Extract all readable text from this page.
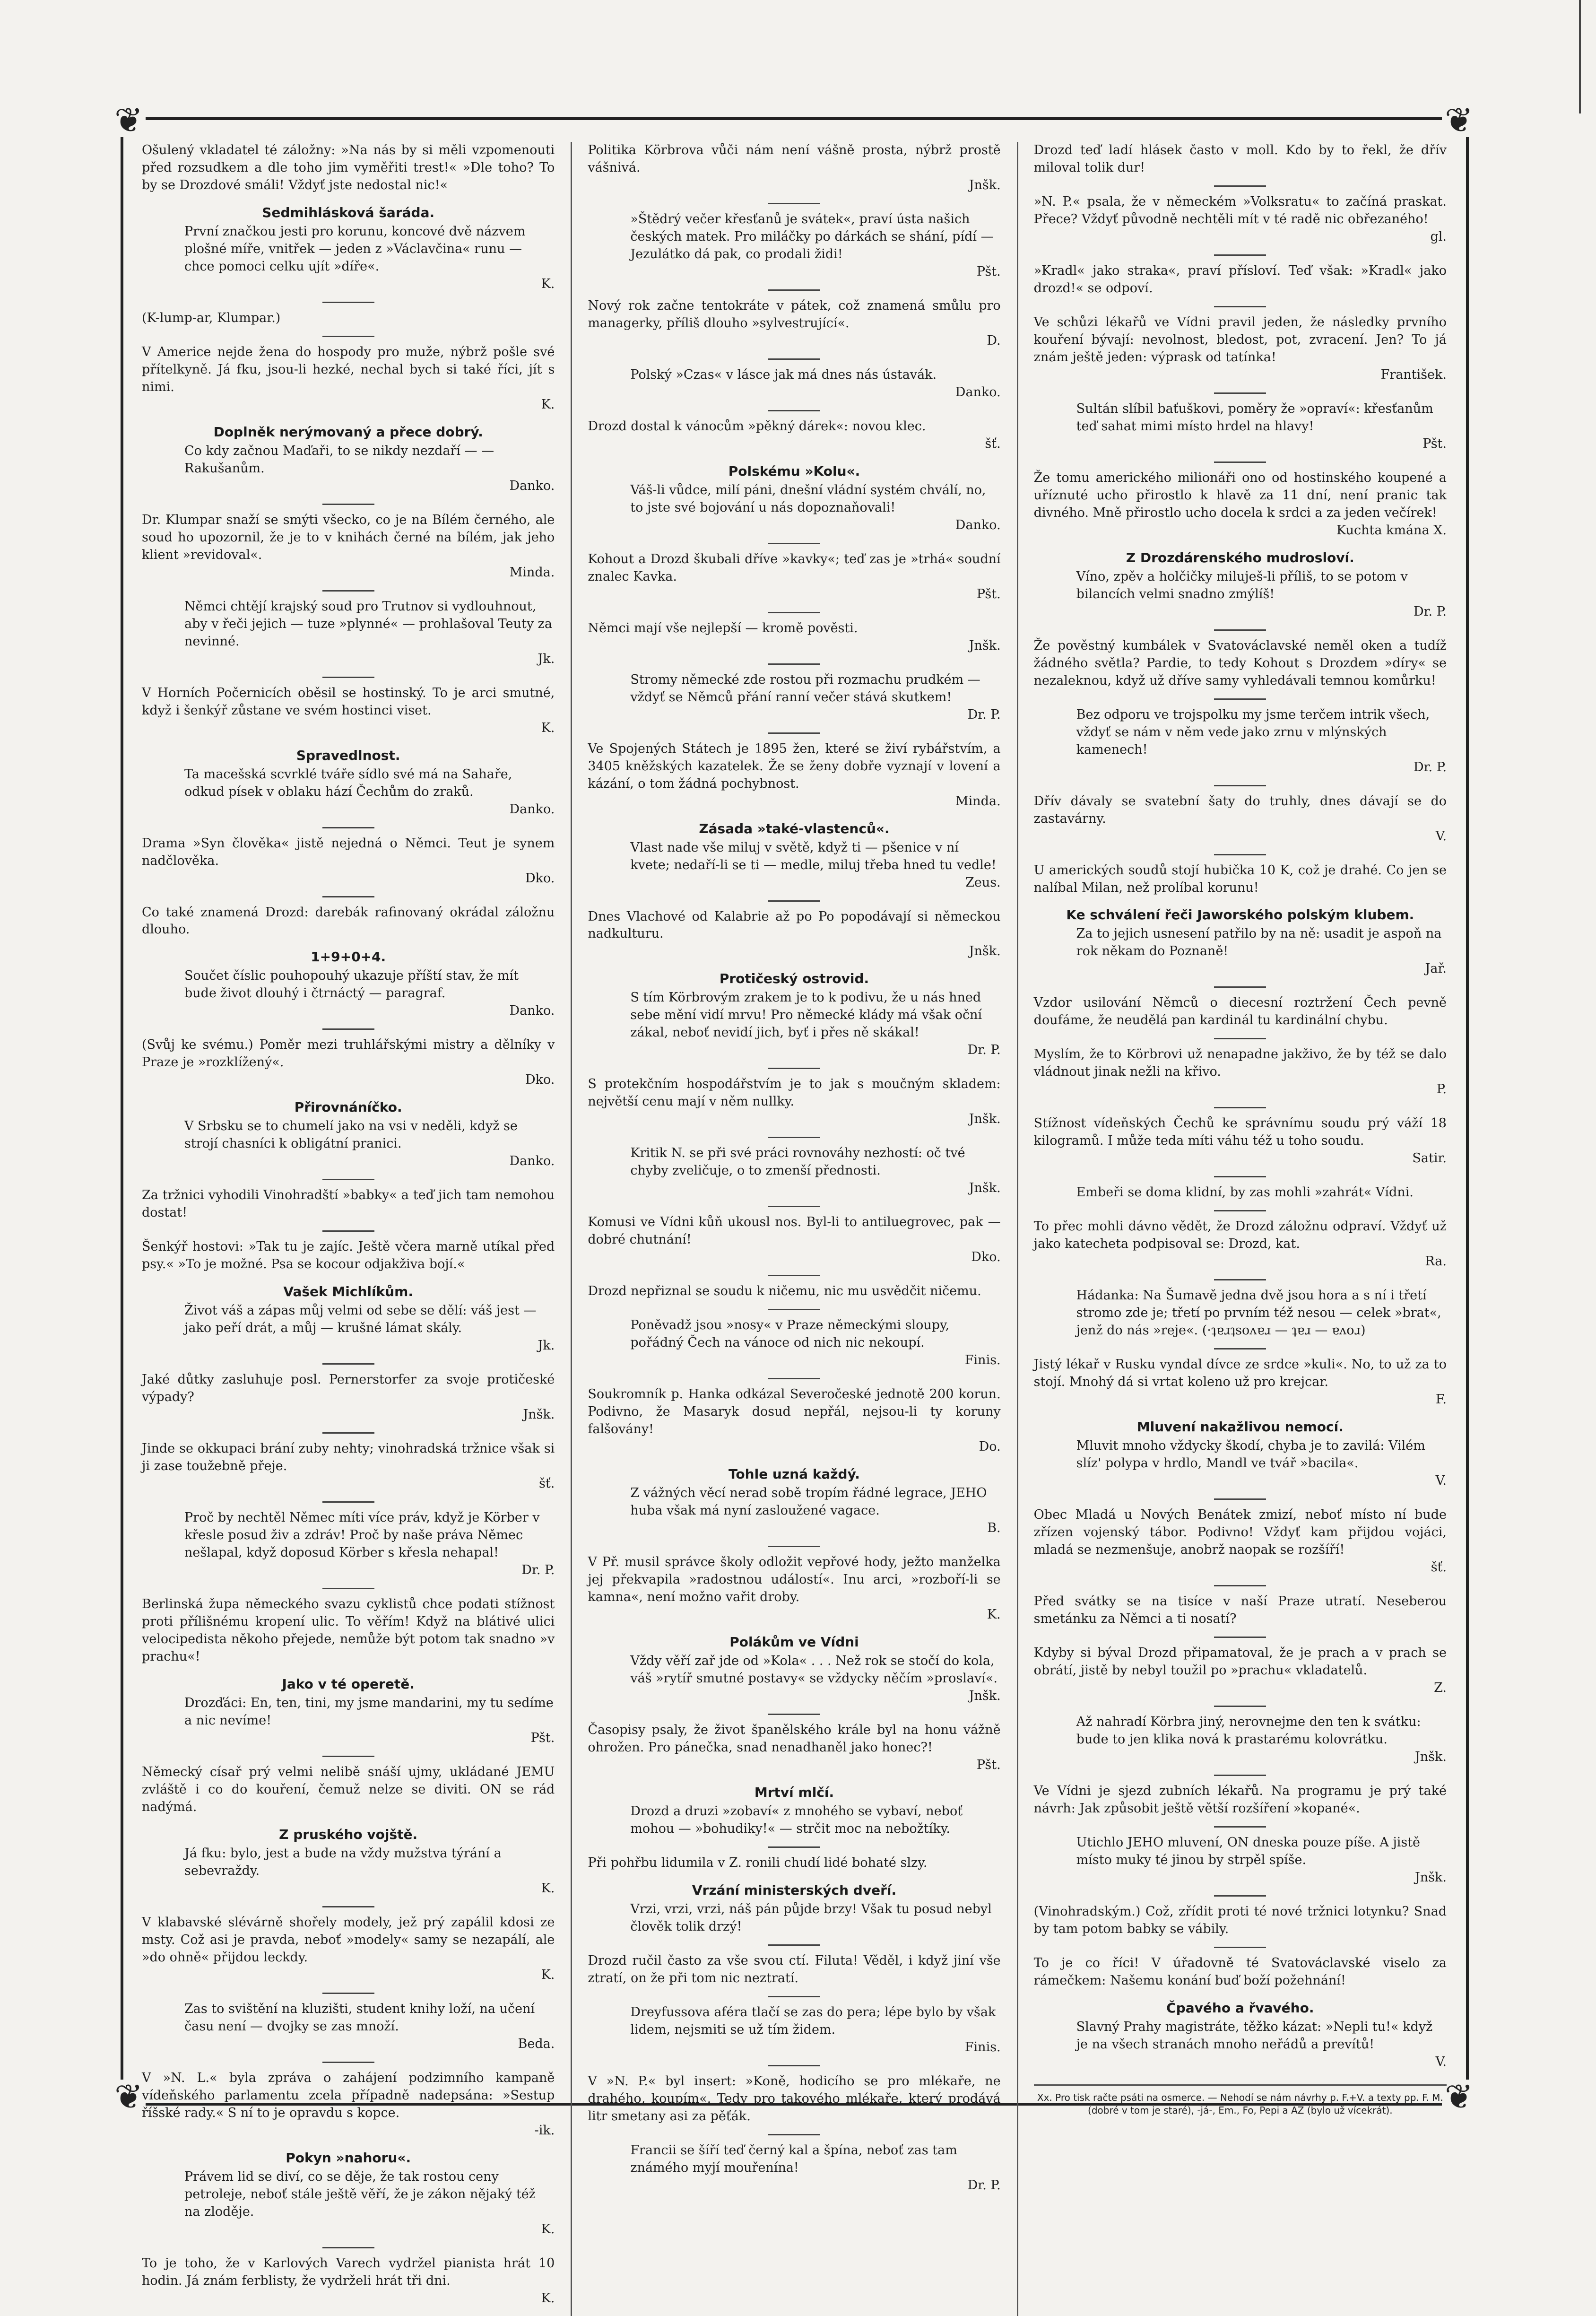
❦	❦
❦	❦
Ošulený vkladatel té záložny: »Na nás by si měli vzpomenouti před rozsudkem a dle toho jim vyměřiti trest!« »Dle toho? To by se Drozdové smáli! Vždyť jste nedostal nic!«
Sedmihlásková šaráda.
První značkou jesti pro korunu, koncové dvě názvem plošné míře, vnitřek — jeden z »Václavčina« runu — chce pomoci celku ujít »díře«.
K.
(K-lump-ar, Klumpar.)
V Americe nejde žena do hospody pro muže, nýbrž pošle své přítelkyně. Já fku, jsou-li hezké, nechal bych si také říci, jít s nimi.
K.
Doplněk nerýmovaný a přece dobrý.
Co kdy začnou Maďaři, to se nikdy nezdaří — — Rakušanům.
Danko.
Dr. Klumpar snaží se smýti všecko, co je na Bílém černého, ale soud ho upozornil, že je to v knihách černé na bílém, jak jeho klient »revidoval«.
Minda.
Němci chtějí krajský soud pro Trutnov si vydlouhnout, aby v řeči jejich — tuze »plynné« — prohlašoval Teuty za nevinné.
Jk.
V Horních Počernicích oběsil se hostinský. To je arci smutné, když i šenkýř zůstane ve svém hostinci viset.
K.
Spravedlnost.
Ta macešská scvrklé tváře sídlo své má na Sahaře, odkud písek v oblaku hází Čechům do zraků.
Danko.
Drama »Syn člověka« jistě nejedná o Němci. Teut je synem nadčlověka.
Dko.
Co také znamená Drozd: darebák rafinovaný okrádal záložnu dlouho.
1+9+0+4.
Součet číslic pouhopouhý ukazuje příští stav, že mít bude život dlouhý i čtrnáctý — paragraf.
Danko.
(Svůj ke svému.) Poměr mezi truhlářskými mistry a dělníky v Praze je »rozklížený«.
Dko.
Přirovnáníčko.
V Srbsku se to chumelí jako na vsi v neděli, když se strojí chasníci k obligátní pranici.
Danko.
Za tržnici vyhodili Vinohradští »babky« a teď jich tam nemohou dostat!
Šenkýř hostovi: »Tak tu je zajíc. Ještě včera marně utíkal před psy.« »To je možné. Psa se kocour odjakživa bojí.«
Vašek Michlíkům.
Život váš a zápas můj velmi od sebe se dělí: váš jest — jako peří drát, a můj — krušné lámat skály.
Jk.
Jaké důtky zasluhuje posl. Pernerstorfer za svoje protičeské výpady?
Jnšk.
Jinde se okkupaci brání zuby nehty; vinohradská tržnice však si ji zase toužebně přeje.
šť.
Proč by nechtěl Němec míti více práv, když je Körber v křesle posud živ a zdráv! Proč by naše práva Němec nešlapal, když doposud Körber s křesla nehapal!
Dr. P.
Berlinská župa německého svazu cyklistů chce podati stížnost proti přílišnému kropení ulic. To věřím! Když na blátivé ulici velocipedista někoho přejede, nemůže být potom tak snadno »v prachu«!
Jako v té operetě.
Drozďáci: En, ten, tini, my jsme mandarini, my tu sedíme a nic nevíme!
Pšt.
Německý císař prý velmi nelibě snáší ujmy, ukládané JEMU zvláště i co do kouření, čemuž nelze se diviti. ON se rád nadýmá.
Z pruského vojště.
Já fku: bylo, jest a bude na vždy mužstva týrání a sebevraždy.
K.
V klabavské slévárně shořely modely, jež prý zapálil kdosi ze msty. Což asi je pravda, neboť »modely« samy se nezapálí, ale »do ohně« přijdou leckdy.
K.
Zas to svištění na kluzišti, student knihy loží, na učení času není — dvojky se zas množí.
Beda.
V »N. L.« byla zpráva o zahájení podzimního kampaně vídeňského parlamentu zcela případně nadepsána: »Sestup říšské rady.« S ní to je opravdu s kopce.
-ik.
Pokyn »nahoru«.
Právem lid se diví, co se děje, že tak rostou ceny petroleje, neboť stále ještě věří, že je zákon nějaký též na zloděje.
K.
To je toho, že v Karlových Varech vydržel pianista hrát 10 hodin. Já znám ferblisty, že vydrželi hrát tři dni.
K.
Politika Körbrova vůči nám není vášně prosta, nýbrž prostě vášnivá.
Jnšk.
»Štědrý večer křesťanů je svátek«, praví ústa našich českých matek. Pro miláčky po dárkách se shání, pídí — Jezulátko dá pak, co prodali židi!
Pšt.
Nový rok začne tentokráte v pátek, což znamená smůlu pro managerky, příliš dlouho »sylvestrující«.
D.
Polský »Czas« v lásce jak má dnes nás ústavák.
Danko.
Drozd dostal k vánocům »pěkný dárek«: novou klec.
šť.
Polskému »Kolu«.
Váš-li vůdce, milí páni, dnešní vládní systém chválí, no, to jste své bojování u nás dopoznaňovali!
Danko.
Kohout a Drozd škubali dříve »kavky«; teď zas je »trhá« soudní znalec Kavka.
Pšt.
Němci mají vše nejlepší — kromě pověsti.
Jnšk.
Stromy německé zde rostou při rozmachu prudkém — vždyť se Němců přání ranní večer stává skutkem!
Dr. P.
Ve Spojených Státech je 1895 žen, které se živí rybářstvím, a 3405 kněžských kazatelek. Že se ženy dobře vyznají v lovení a kázání, o tom žádná pochybnost.
Minda.
Zásada »také-vlastenců«.
Vlast nade vše miluj v světě, když ti — pšenice v ní kvete; nedaří-li se ti — medle, miluj třeba hned tu vedle!
Zeus.
Dnes Vlachové od Kalabrie až po Po popodávají si německou nadkulturu.
Jnšk.
Protičeský ostrovid.
S tím Körbrovým zrakem je to k podivu, že u nás hned sebe mění vidí mrvu! Pro německé klády má však oční zákal, neboť nevidí jich, byť i přes ně skákal!
Dr. P.
S protekčním hospodářstvím je to jak s moučným skladem: největší cenu mají v něm nullky.
Jnšk.
Kritik N. se při své práci rovnováhy nezhostí: oč tvé chyby zveličuje, o to zmenší přednosti.
Jnšk.
Komusi ve Vídni kůň ukousl nos. Byl-li to antiluegrovec, pak — dobré chutnání!
Dko.
Drozd nepřiznal se soudu k ničemu, nic mu usvědčit ničemu.
Poněvadž jsou »nosy« v Praze německými sloupy, pořádný Čech na vánoce od nich nic nekoupí.
Finis.
Soukromník p. Hanka odkázal Severočeské jednotě 200 korun. Podivno, že Masaryk dosud nepřál, nejsou-li ty koruny falšovány!
Do.
Tohle uzná každý.
Z vážných věcí nerad sobě tropím řádné legrace, JEHO huba však má nyní zasloužené vagace.
B.
V Př. musil správce školy odložit vepřové hody, ježto manželka jej překvapila »radostnou událostí«. Inu arci, »rozboří-li se kamna«, není možno vařit droby.
K.
Polákům ve Vídni
Vždy věří zař jde od »Kola« . . . Než rok se stočí do kola, váš »rytíř smutné postavy« se vždycky něčím »proslaví«.
Jnšk.
Časopisy psaly, že život španělského krále byl na honu vážně ohrožen. Pro pánečka, snad nenadhaněl jako honec?!
Pšt.
Mrtví mlčí.
Drozd a druzi »zobaví« z mnohého se vybaví, neboť mohou — »bohudiky!« — strčit moc na nebožtíky.
Při pohřbu lidumila v Z. ronili chudí lidé bohaté slzy.
Vrzání ministerských dveří.
Vrzi, vrzi, vrzi, náš pán půjde brzy! Však tu posud nebyl člověk tolik drzý!
Drozd ručil často za vše svou ctí. Filuta! Věděl, i když jiní vše ztratí, on že při tom nic neztratí.
Dreyfussova aféra tlačí se zas do pera; lépe bylo by však lidem, nejsmiti se už tím židem.
Finis.
V »N. P.« byl insert: »Koně, hodicího se pro mlékaře, ne drahého, koupím«. Tedy pro takového mlékaře, který prodává litr smetany asi za pěťák.
Francii se šíří teď černý kal a špína, neboť zas tam známého myjí mouřenína!
Dr. P.
Drozd teď ladí hlásek často v moll. Kdo by to řekl, že dřív miloval tolik dur!
»N. P.« psala, že v německém »Volksratu« to začíná praskat. Přece? Vždyť původně nechtěli mít v té radě nic obřezaného!
gl.
»Kradl« jako straka«, praví přísloví. Teď však: »Kradl« jako drozd!« se odpoví.
Ve schůzi lékařů ve Vídni pravil jeden, že následky prvního kouření bývají: nevolnost, bledost, pot, zvracení. Jen? To já znám ještě jeden: výprask od tatínka!
František.
Sultán slíbil baťuškovi, poměry že »opraví«: křesťanům teď sahat mimi místo hrdel na hlavy!
Pšt.
Že tomu amerického milionáři ono od hostinského koupené a uříznuté ucho přirostlo k hlavě za 11 dní, není pranic tak divného. Mně přirostlo ucho docela k srdci a za jeden večírek!
Kuchta kmána X.
Z Drozdárenského mudrosloví.
Víno, zpěv a holčičky miluješ-li příliš, to se potom v bilancích velmi snadno zmýlíš!
Dr. P.
Že pověstný kumbálek v Svatováclavské neměl oken a tudíž žádného světla? Pardie, to tedy Kohout s Drozdem »díry« se nezaleknou, když už dříve samy vyhledávali temnou komůrku!
Bez odporu ve trojspolku my jsme terčem intrik všech, vždyť se nám v něm vede jako zrnu v mlýnských kamenech!
Dr. P.
Dřív dávaly se svatební šaty do truhly, dnes dávají se do zastavárny.
V.
U amerických soudů stojí hubička 10 K, což je drahé. Co jen se nalíbal Milan, než prolíbal korunu!
Ke schválení řeči Jaworského polským klubem.
Za to jejich usnesení patřilo by na ně: usadit je aspoň na rok někam do Poznaně!
Jař.
Vzdor usilování Němců o diecesní roztržení Čech pevně doufáme, že neudělá pan kardinál tu kardinální chybu.
Myslím, že to Körbrovi už nenapadne jakživo, že by též se dalo vládnout jinak nežli na křivo.
P.
Stížnost vídeňských Čechů ke správnímu soudu prý váží 18 kilogramů. I může teda míti váhu též u toho soudu.
Satir.
Embeři se doma klidní, by zas mohli »zahrát« Vídni.
To přec mohli dávno vědět, že Drozd záložnu odpraví. Vždyť už jako katecheta podpisoval se: Drozd, kat.
Ra.
Hádanka: Na Šumavě jedna dvě jsou hora a s ní i třetí stromo zde je; třetí po prvním též nesou — celek »brat«, jenž do nás »reje«. (·ʇɐɹʇsoʌɐɹ — ʇɐɹ — ɐʌoɹ)
Jistý lékař v Rusku vyndal dívce ze srdce »kuli«. No, to už za to stojí. Mnohý dá si vrtat koleno už pro krejcar.
F.
Mluvení nakažlivou nemocí.
Mluvit mnoho vždycky škodí, chyba je to zavilá: Vilém slíz' polypa v hrdlo, Mandl ve tvář »bacila«.
V.
Obec Mladá u Nových Benátek zmizí, neboť místo ní bude zřízen vojenský tábor. Podivno! Vždyť kam přijdou vojáci, mladá se nezmenšuje, anobrž naopak se rozšíří!
šť.
Před svátky se na tisíce v naší Praze utratí. Neseberou smetánku za Němci a ti nosatí?
Kdyby si býval Drozd připamatoval, že je prach a v prach se obrátí, jistě by nebyl toužil po »prachu« vkladatelů.
Z.
Až nahradí Körbra jiný, nerovnejme den ten k svátku: bude to jen klika nová k prastarému kolovrátku.
Jnšk.
Ve Vídni je sjezd zubních lékařů. Na programu je prý také návrh: Jak způsobit ještě větší rozšíření »kopané«.
Utichlo JEHO mluvení, ON dneska pouze píše. A jistě místo muky té jinou by strpěl spíše.
Jnšk.
(Vinohradským.) Což, zřídit proti té nové tržnici lotynku? Snad by tam potom babky se vábily.
To je co říci! V úřadovně té Svatováclavské viselo za rámečkem: Našemu konání buď boží požehnání!
Čpavého a řvavého.
Slavný Prahy magistráte, těžko kázat: »Nepli tu!« když je na všech stranách mnoho neřádů a prevítů!
V.
Xx. Pro tisk račte psáti na osmerce. — Nehodí se nám návrhy p. F.+V. a texty pp. F. M. (dobré v tom je staré), -já-, Em., Fo, Pepi a AZ (bylo už vícekrát).
